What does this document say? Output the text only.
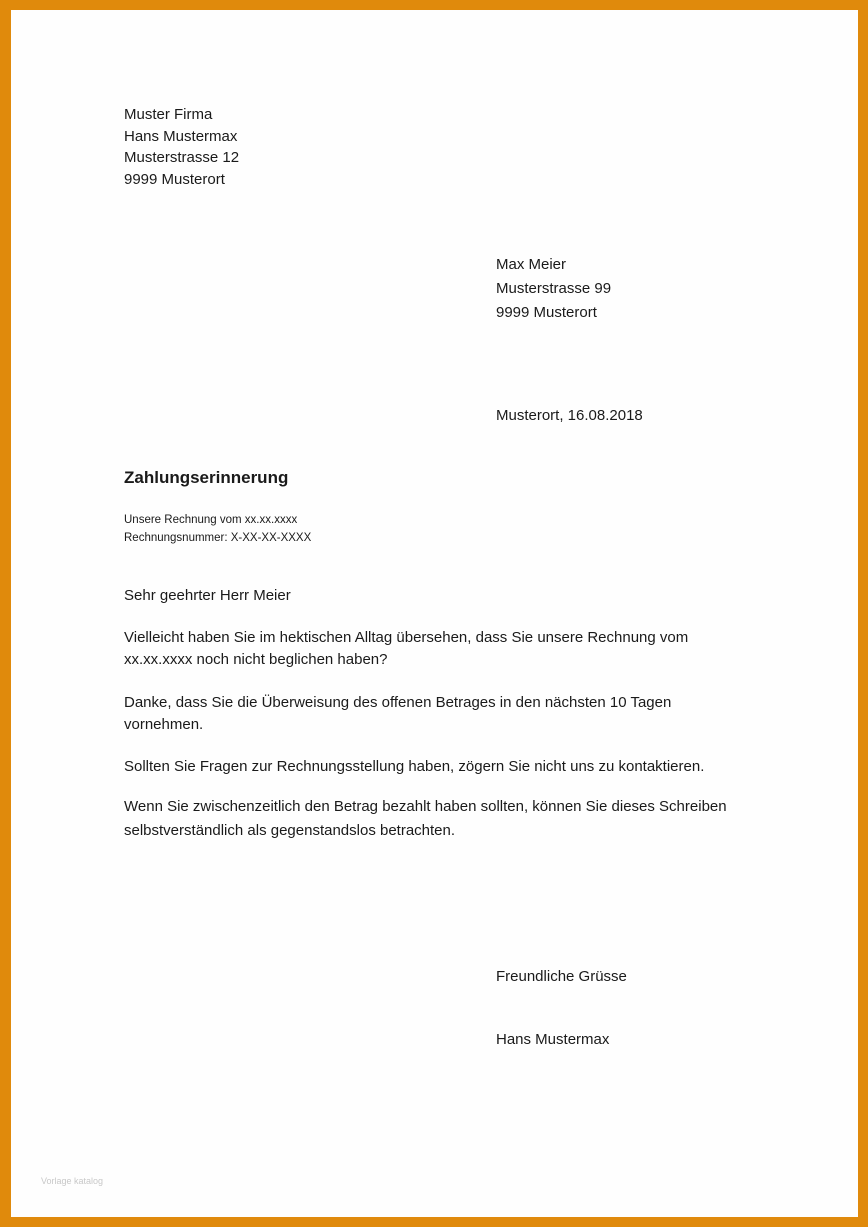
Muster Firma
Hans Mustermax
Musterstrasse 12
9999 Musterort
Max Meier
Musterstrasse 99
9999 Musterort
Musterort, 16.08.2018
Zahlungserinnerung
Unsere Rechnung vom xx.xx.xxxx
Rechnungsnummer: X-XX-XX-XXXX

Sehr geehrter Herr Meier

Vielleicht haben Sie im hektischen Alltag übersehen, dass Sie unsere Rechnung vom
xx.xx.xxxx noch nicht beglichen haben?
Danke, dass Sie die Überweisung des offenen Betrages in den nächsten 10 Tagen
vornehmen.
Sollten Sie Fragen zur Rechnungsstellung haben, zögern Sie nicht uns zu kontaktieren.
Wenn Sie zwischenzeitlich den Betrag bezahlt haben sollten, können Sie dieses Schreiben
selbstverständlich als gegenstandslos betrachten.
Freundliche Grüsse
Hans Mustermax
Vorlage katalog
